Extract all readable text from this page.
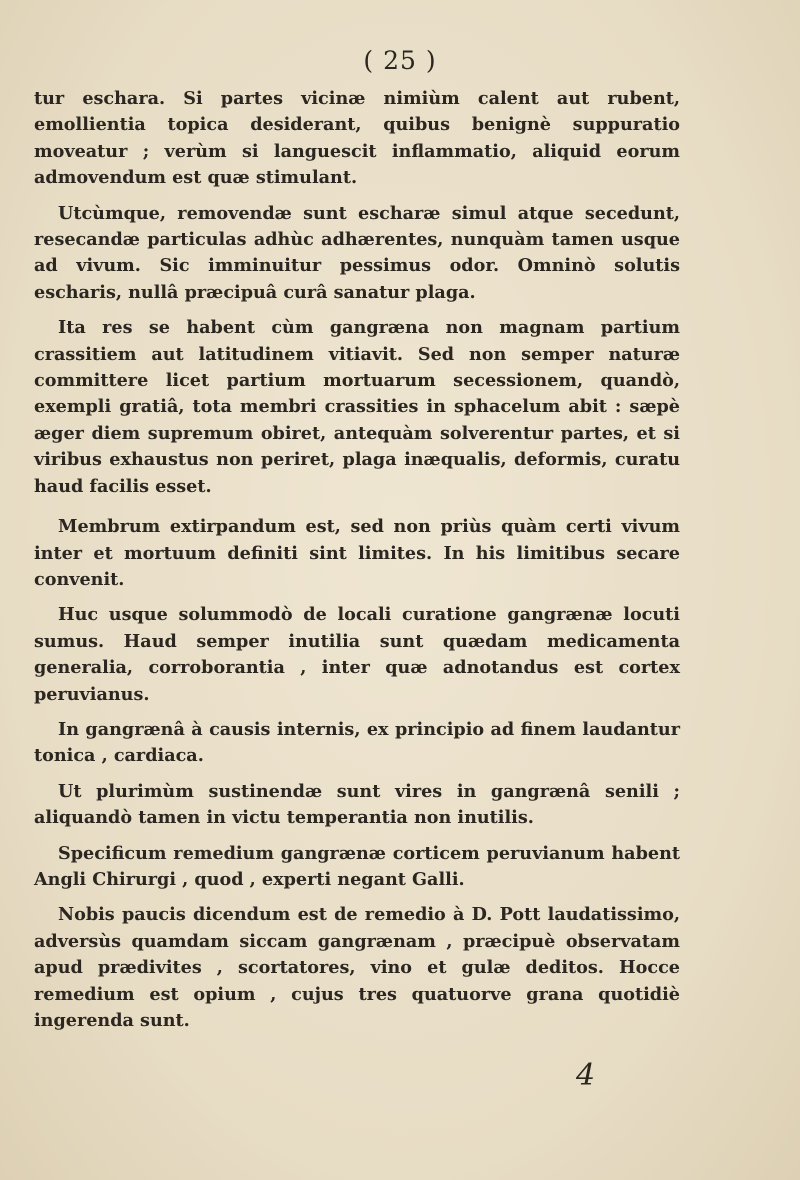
( 25 )

tur eschara. Si partes vicinæ nimiùm calent aut rubent, emollientia topica desiderant, quibus benignè suppuratio moveatur ; verùm si languescit inflammatio, aliquid eorum admovendum est quæ stimulant.

Utcùmque, removendæ sunt escharæ simul atque secedunt, resecandæ particulas adhùc adhærentes, nunquàm tamen usque ad vivum. Sic imminuitur pessimus odor. Omninò solutis escharis, nullâ præcipuâ curâ sanatur plaga.

Ita res se habent cùm gangræna non magnam partium crassitiem aut latitudinem vitiavit. Sed non semper naturæ committere licet partium mortuarum secessionem, quandò, exempli gratiâ, tota membri crassities in sphacelum abit : sæpè æger diem supremum obiret, antequàm solverentur partes, et si viribus exhaustus non periret, plaga inæqualis, deformis, curatu haud facilis esset.

Membrum extirpandum est, sed non priùs quàm certi vivum inter et mortuum definiti sint limites. In his limitibus secare convenit.

Huc usque solummodò de locali curatione gangrænæ locuti sumus. Haud semper inutilia sunt quædam medicamenta generalia, corroborantia , inter quæ adnotandus est cortex peruvianus.

In gangrænâ à causis internis, ex principio ad finem laudantur tonica , cardiaca.

Ut plurimùm sustinendæ sunt vires in gangrænâ senili ; aliquandò tamen in victu temperantia non inutilis.

Specificum remedium gangrænæ corticem peruvianum habent Angli Chirurgi , quod , experti negant Galli.

Nobis paucis dicendum est de remedio à D. Pott laudatissimo, adversùs quamdam siccam gangrænam , præcipuè observatam apud prædivites , scortatores, vino et gulæ deditos. Hocce remedium est opium , cujus tres quatuorve grana quotidiè ingerenda sunt.

4
